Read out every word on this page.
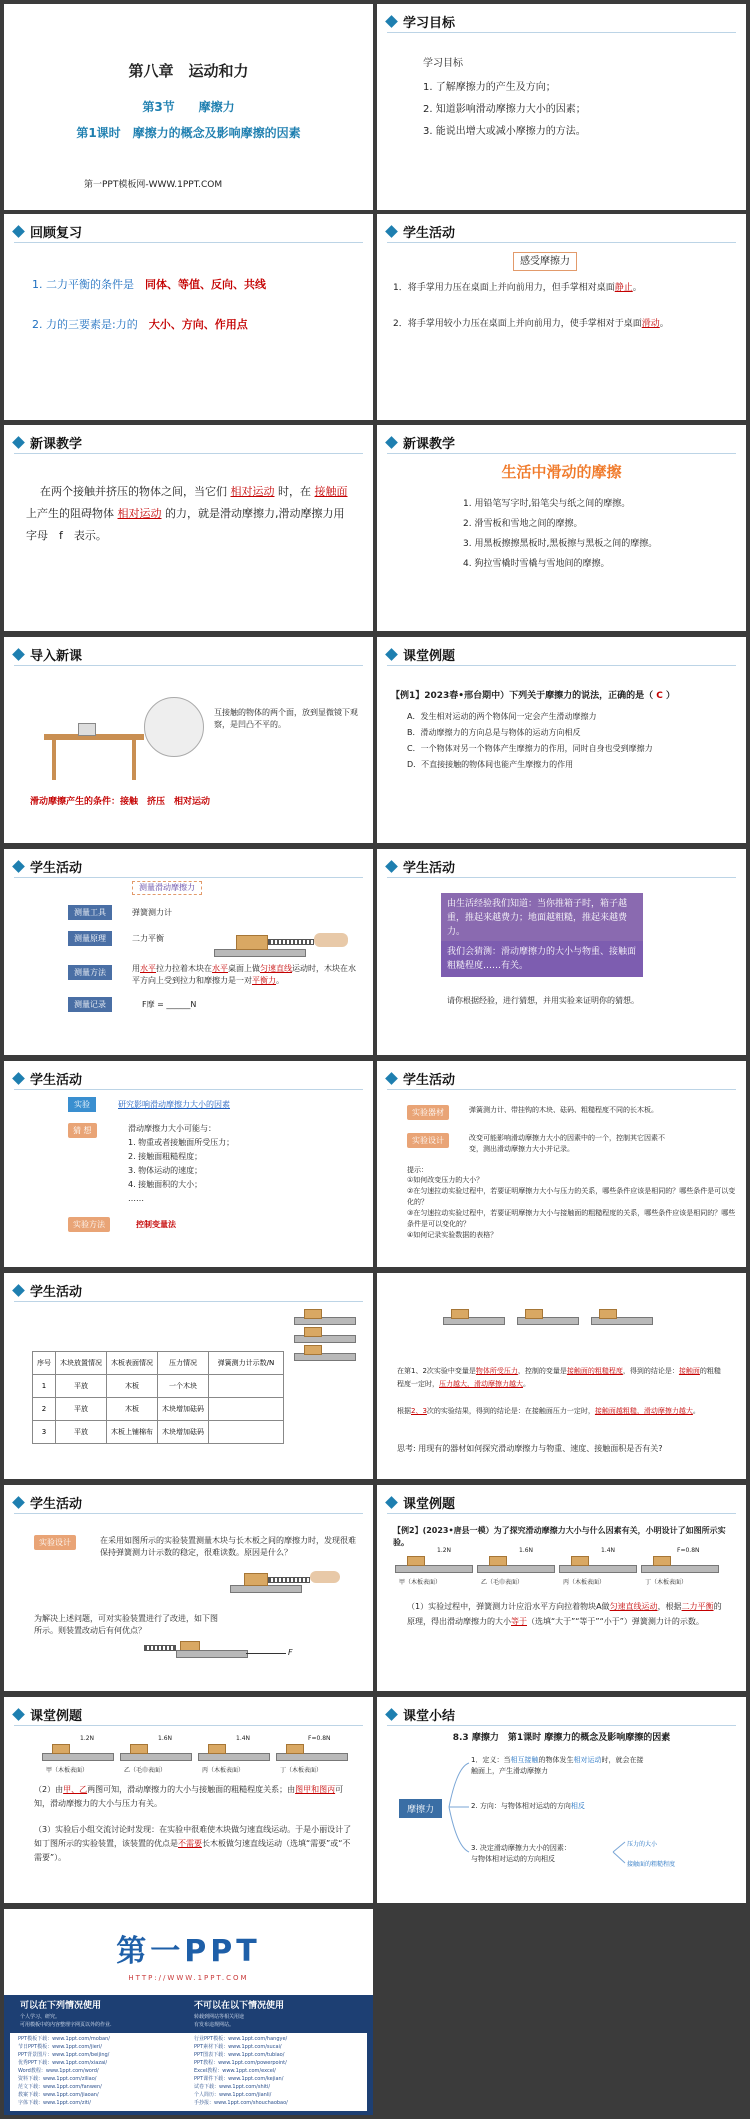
第八章　运动和力
第3节　　摩擦力
第1课时　摩擦力的概念及影响摩擦的因素
第一PPT模板网-WWW.1PPT.COM
学习目标
学习目标
1. 了解摩擦力的产生及方向；
2. 知道影响滑动摩擦力大小的因素；
3. 能说出增大或减小摩擦力的方法。
回顾复习
1. 二力平衡的条件是　 同体、等值、反向、共线
2. 力的三要素是:力的　 大小、方向、作用点
学生活动
感受摩擦力
1．将手掌用力压在桌面上并向前用力，但手掌相对桌面静止。
2．将手掌用较小力压在桌面上并向前用力，使手掌相对于桌面滑动。
新课教学
在两个接触并挤压的物体之间，当它们 相对运动 时，在 接触面 上产生的阻碍物体 相对运动 的力，就是滑动摩擦力,滑动摩擦力用字母　f　表示。
新课教学
生活中滑动的摩擦
1. 用铅笔写字时,铅笔尖与纸之间的摩擦。
2. 滑雪板和雪地之间的摩擦。
3. 用黑板擦擦黑板时,黑板擦与黑板之间的摩擦。
4. 狗拉雪橇时雪橇与雪地间的摩擦。
导入新课
互接触的物体的两个面，放到显微镜下观察，是凹凸不平的。
滑动摩擦产生的条件：接触　挤压　相对运动
课堂例题
【例1】2023春•邢台期中）下列关于摩擦力的说法，正确的是（ C ）
A．发生相对运动的两个物体间一定会产生滑动摩擦力
B．滑动摩擦力的方向总是与物体的运动方向相反
C．一个物体对另一个物体产生摩擦力的作用，同时自身也受到摩擦力
D．不直接接触的物体间也能产生摩擦力的作用
学生活动
测量滑动摩擦力
测量工具	弹簧测力计
测量原理	二力平衡
测量方法	用水平拉力拉着木块在水平桌面上做匀速直线运动时，木块在水平方向上受到拉力和摩擦力是一对平衡力。
测量记录	F摩 = ______N
学生活动
由生活经验我们知道：当你推箱子时，箱子越重，推起来越费力；地面越粗糙，推起来越费力。
我们会猜测：滑动摩擦力的大小与物重、接触面粗糙程度……有关。
请你根据经验，进行猜想，并用实验来证明你的猜想。
学生活动
实验	研究影响滑动摩擦力大小的因素
猜 想	滑动摩擦力大小可能与：
1. 物重或者接触面所受压力；
2. 接触面粗糙程度；
3. 物体运动的速度；
4. 接触面积的大小；
……
实验方法	控制变量法
学生活动
实验器材	弹簧测力计、带挂钩的木块、砝码、粗糙程度不同的长木板。
实验设计	改变可能影响滑动摩擦力大小的因素中的一个，控制其它因素不变，测出滑动摩擦力大小并记录。
提示：
①如何改变压力的大小？
②在匀速拉动实验过程中，若要证明摩擦力大小与压力的关系，哪些条件应该是相同的？哪些条件是可以变化的？
③在匀速拉动实验过程中，若要证明摩擦力大小与接触面的粗糙程度的关系，哪些条件应该是相同的？哪些条件是可以变化的？
④如何记录实验数据的表格？
学生活动
序号	木块放置情况	木板表面情况	压力情况	弹簧测力计示数/N
1	平放	木板	一个木块	
2	平放	木板	木块增加砝码	
3	平放	木板上铺棉布	木块增加砝码	
在第1、2次实验中变量是物体所受压力，控制的变量是接触面的粗糙程度，得到的结论是：接触面的粗糙程度一定时，压力越大，滑动摩擦力越大。
根据2、3次的实验结果，得到的结论是：在接触面压力一定时，接触面越粗糙，滑动摩擦力越大。
思考: 用现有的器材如何探究滑动摩擦力与物重、速度、接触面积是否有关?
学生活动
实验设计	在采用如图所示的实验装置测量木块与长木板之间的摩擦力时，发现很难保持弹簧测力计示数的稳定，很难读数。原因是什么？
为解决上述问题，可对实验装置进行了改进，如下图所示。则装置改动后有何优点？
F
课堂例题
【例2】(2023•唐县一模）为了探究滑动摩擦力大小与什么因素有关，小明设计了如图所示实验。
1.2N	1.6N	1.4N	F=0.8N
甲（木板表面）	乙（毛巾表面）	丙（木板表面）	丁（木板表面）
（1）实验过程中，弹簧测力计应沿水平方向拉着物块A做匀速直线运动，根据二力平衡的原理，得出滑动摩擦力的大小等于（选填“大于”“等于”“小于”）弹簧测力计的示数。
课堂例题
1.2N	1.6N	1.4N	F=0.8N
甲（木板表面）	乙（毛巾表面）	丙（木板表面）	丁（木板表面）
（2）由甲、乙两图可知，滑动摩擦力的大小与接触面的粗糙程度关系；由图甲和图丙可知，滑动摩擦力的大小与压力有关。
（3）实验后小组交流讨论时发现：在实验中很难使木块做匀速直线运动。于是小丽设计了如丁图所示的实验装置，该装置的优点是不需要长木板做匀速直线运动（选填“需要”或“不需要”）。
课堂小结
8.3 摩擦力　第1课时 摩擦力的概念及影响摩擦的因素
摩擦力
1．定义：当相互接触的物体发生相对运动时，就会在接触面上，产生滑动摩擦力
2. 方向：与物体相对运动的方向相反
3. 决定滑动摩擦力大小的因素：
与物体相对运动的方向相反
压力的大小
接触面的粗糙程度
第一PPT
HTTP://WWW.1PPT.COM
可以在下列情况使用
个人学习、研究。
可用模板中的内容整理字网页以外的作业.
不可以在以下情况使用
转载到网站等相关用途
有发布违规网站。
PPT模板下载：www.1ppt.com/moban/
节日PPT模板：www.1ppt.com/jieri/
PPT背景图片：www.1ppt.com/beijing/
优秀PPT下载：www.1ppt.com/xiazai/
Word教程：www.1ppt.com/word/
资料下载：www.1ppt.com/ziliao/
范文下载：www.1ppt.com/fanwen/
教案下载：www.1ppt.com/jiaoan/
字体下载：www.1ppt.com/ziti/
行业PPT模板：www.1ppt.com/hangye/
PPT素材下载：www.1ppt.com/sucai/
PPT图表下载：www.1ppt.com/tubiao/
PPT教程：www.1ppt.com/powerpoint/
Excel教程：www.1ppt.com/excel/
PPT课件下载：www.1ppt.com/kejian/
试卷下载：www.1ppt.com/shiti/
个人简历：www.1ppt.com/jianli/
手抄报：www.1ppt.com/shouchaobao/
